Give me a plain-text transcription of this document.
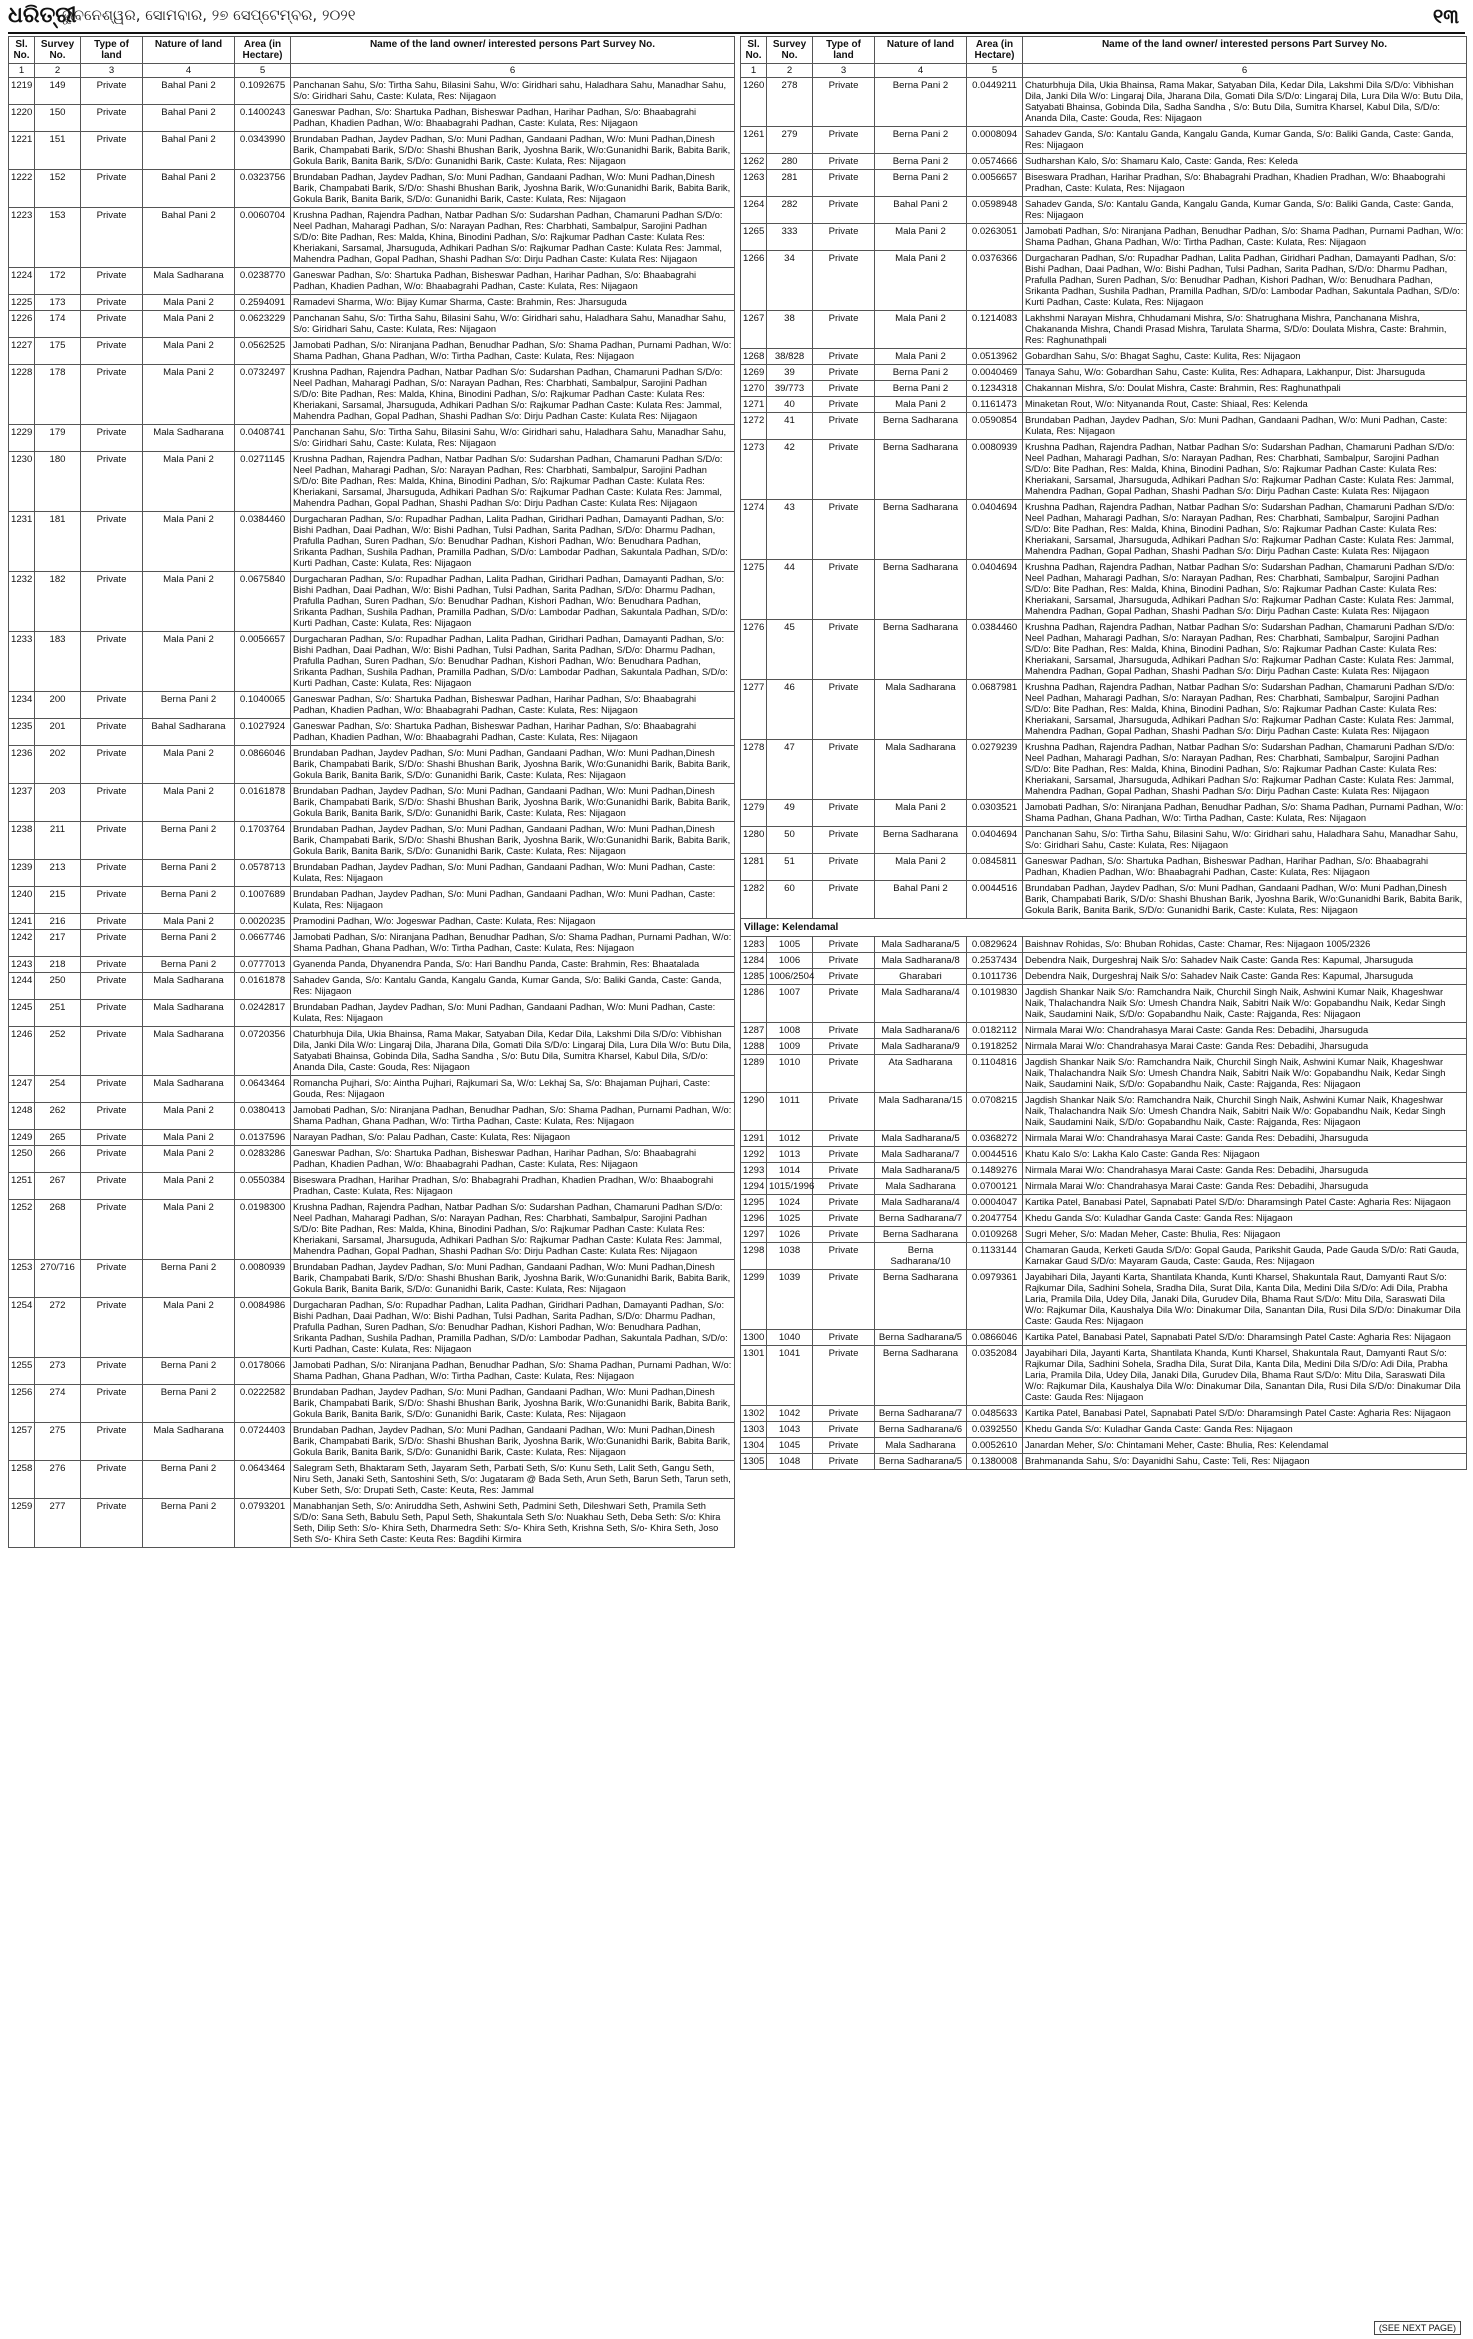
ଧରିତ୍ରୀ
ଭୁବନେଶ୍ୱର, ସୋମବାର, ୨୭ ସେପ୍ଟେମ୍ବର, ୨୦୨୧	୧୩
Sl. No.	Survey No.	Type of land	Nature of land	Area (in Hectare)	Name of the land owner/ interested persons Part Survey No.
1	2	3	4	5	6
1219	149	Private	Bahal Pani 2	0.1092675	Panchanan Sahu, S/o: Tirtha Sahu, Bilasini Sahu, W/o: Giridhari sahu, Haladhara Sahu, Manadhar Sahu, S/o: Giridhari Sahu, Caste: Kulata, Res: Nijagaon
1220	150	Private	Bahal Pani 2	0.1400243	Ganeswar Padhan, S/o: Shartuka Padhan, Bisheswar Padhan, Harihar Padhan, S/o: Bhaabagrahi Padhan, Khadien Padhan, W/o: Bhaabagrahi Padhan, Caste: Kulata, Res: Nijagaon
1221	151	Private	Bahal Pani 2	0.0343990	Brundaban Padhan, Jaydev Padhan, S/o: Muni Padhan, Gandaani Padhan, W/o: Muni Padhan,Dinesh Barik, Champabati Barik, S/D/o: Shashi Bhushan Barik, Jyoshna Barik, W/o:Gunanidhi Barik, Babita Barik, Gokula Barik, Banita Barik, S/D/o: Gunanidhi Barik, Caste: Kulata, Res: Nijagaon
1222	152	Private	Bahal Pani 2	0.0323756	Brundaban Padhan, Jaydev Padhan, S/o: Muni Padhan, Gandaani Padhan, W/o: Muni Padhan,Dinesh Barik, Champabati Barik, S/D/o: Shashi Bhushan Barik, Jyoshna Barik, W/o:Gunanidhi Barik, Babita Barik, Gokula Barik, Banita Barik, S/D/o: Gunanidhi Barik, Caste: Kulata, Res: Nijagaon
1223	153	Private	Bahal Pani 2	0.0060704	Krushna Padhan, Rajendra Padhan, Natbar Padhan S/o: Sudarshan Padhan, Chamaruni Padhan S/D/o: Neel Padhan, Maharagi Padhan, S/o: Narayan Padhan, Res: Charbhati, Sambalpur, Sarojini Padhan S/D/o: Bite Padhan, Res: Malda, Khina, Binodini Padhan, S/o: Rajkumar Padhan Caste: Kulata Res: Kheriakani, Sarsamal, Jharsuguda, Adhikari Padhan S/o: Rajkumar Padhan Caste: Kulata Res: Jammal, Mahendra Padhan, Gopal Padhan, Shashi Padhan S/o: Dirju Padhan Caste: Kulata Res: Nijagaon
1224	172	Private	Mala Sadharana	0.0238770	Ganeswar Padhan, S/o: Shartuka Padhan, Bisheswar Padhan, Harihar Padhan, S/o: Bhaabagrahi Padhan, Khadien Padhan, W/o: Bhaabagrahi Padhan, Caste: Kulata, Res: Nijagaon
1225	173	Private	Mala Pani 2	0.2594091	Ramadevi Sharma, W/o: Bijay Kumar Sharma, Caste: Brahmin, Res: Jharsuguda
1226	174	Private	Mala Pani 2	0.0623229	Panchanan Sahu, S/o: Tirtha Sahu, Bilasini Sahu, W/o: Giridhari sahu, Haladhara Sahu, Manadhar Sahu, S/o: Giridhari Sahu, Caste: Kulata, Res: Nijagaon
1227	175	Private	Mala Pani 2	0.0562525	Jamobati Padhan, S/o: Niranjana Padhan, Benudhar Padhan, S/o: Shama Padhan, Purnami Padhan, W/o: Shama Padhan, Ghana Padhan, W/o: Tirtha Padhan, Caste: Kulata, Res: Nijagaon
1228	178	Private	Mala Pani 2	0.0732497	Krushna Padhan, Rajendra Padhan, Natbar Padhan S/o: Sudarshan Padhan, Chamaruni Padhan S/D/o: Neel Padhan, Maharagi Padhan, S/o: Narayan Padhan, Res: Charbhati, Sambalpur, Sarojini Padhan S/D/o: Bite Padhan, Res: Malda, Khina, Binodini Padhan, S/o: Rajkumar Padhan Caste: Kulata Res: Kheriakani, Sarsamal, Jharsuguda, Adhikari Padhan S/o: Rajkumar Padhan Caste: Kulata Res: Jammal, Mahendra Padhan, Gopal Padhan, Shashi Padhan S/o: Dirju Padhan Caste: Kulata Res: Nijagaon
1229	179	Private	Mala Sadharana	0.0408741	Panchanan Sahu, S/o: Tirtha Sahu, Bilasini Sahu, W/o: Giridhari sahu, Haladhara Sahu, Manadhar Sahu, S/o: Giridhari Sahu, Caste: Kulata, Res: Nijagaon
1230	180	Private	Mala Pani 2	0.0271145	Krushna Padhan, Rajendra Padhan, Natbar Padhan S/o: Sudarshan Padhan, Chamaruni Padhan S/D/o: Neel Padhan, Maharagi Padhan, S/o: Narayan Padhan, Res: Charbhati, Sambalpur, Sarojini Padhan S/D/o: Bite Padhan, Res: Malda, Khina, Binodini Padhan, S/o: Rajkumar Padhan Caste: Kulata Res: Kheriakani, Sarsamal, Jharsuguda, Adhikari Padhan S/o: Rajkumar Padhan Caste: Kulata Res: Jammal, Mahendra Padhan, Gopal Padhan, Shashi Padhan S/o: Dirju Padhan Caste: Kulata Res: Nijagaon
1231	181	Private	Mala Pani 2	0.0384460	Durgacharan Padhan, S/o: Rupadhar Padhan, Lalita Padhan, Giridhari Padhan, Damayanti Padhan, S/o: Bishi Padhan, Daai Padhan, W/o: Bishi Padhan, Tulsi Padhan, Sarita Padhan, S/D/o: Dharmu Padhan, Prafulla Padhan, Suren Padhan, S/o: Benudhar Padhan, Kishori Padhan, W/o: Benudhara Padhan, Srikanta Padhan, Sushila Padhan, Pramilla Padhan, S/D/o: Lambodar Padhan, Sakuntala Padhan, S/D/o: Kurti Padhan, Caste: Kulata, Res: Nijagaon
1232	182	Private	Mala Pani 2	0.0675840	Durgacharan Padhan, S/o: Rupadhar Padhan, Lalita Padhan, Giridhari Padhan, Damayanti Padhan, S/o: Bishi Padhan, Daai Padhan, W/o: Bishi Padhan, Tulsi Padhan, Sarita Padhan, S/D/o: Dharmu Padhan, Prafulla Padhan, Suren Padhan, S/o: Benudhar Padhan, Kishori Padhan, W/o: Benudhara Padhan, Srikanta Padhan, Sushila Padhan, Pramilla Padhan, S/D/o: Lambodar Padhan, Sakuntala Padhan, S/D/o: Kurti Padhan, Caste: Kulata, Res: Nijagaon
1233	183	Private	Mala Pani 2	0.0056657	Durgacharan Padhan, S/o: Rupadhar Padhan, Lalita Padhan, Giridhari Padhan, Damayanti Padhan, S/o: Bishi Padhan, Daai Padhan, W/o: Bishi Padhan, Tulsi Padhan, Sarita Padhan, S/D/o: Dharmu Padhan, Prafulla Padhan, Suren Padhan, S/o: Benudhar Padhan, Kishori Padhan, W/o: Benudhara Padhan, Srikanta Padhan, Sushila Padhan, Pramilla Padhan, S/D/o: Lambodar Padhan, Sakuntala Padhan, S/D/o: Kurti Padhan, Caste: Kulata, Res: Nijagaon
1234	200	Private	Berna Pani 2	0.1040065	Ganeswar Padhan, S/o: Shartuka Padhan, Bisheswar Padhan, Harihar Padhan, S/o: Bhaabagrahi Padhan, Khadien Padhan, W/o: Bhaabagrahi Padhan, Caste: Kulata, Res: Nijagaon
1235	201	Private	Bahal Sadharana	0.1027924	Ganeswar Padhan, S/o: Shartuka Padhan, Bisheswar Padhan, Harihar Padhan, S/o: Bhaabagrahi Padhan, Khadien Padhan, W/o: Bhaabagrahi Padhan, Caste: Kulata, Res: Nijagaon
1236	202	Private	Mala Pani 2	0.0866046	Brundaban Padhan, Jaydev Padhan, S/o: Muni Padhan, Gandaani Padhan, W/o: Muni Padhan,Dinesh Barik, Champabati Barik, S/D/o: Shashi Bhushan Barik, Jyoshna Barik, W/o:Gunanidhi Barik, Babita Barik, Gokula Barik, Banita Barik, S/D/o: Gunanidhi Barik, Caste: Kulata, Res: Nijagaon
1237	203	Private	Mala Pani 2	0.0161878	Brundaban Padhan, Jaydev Padhan, S/o: Muni Padhan, Gandaani Padhan, W/o: Muni Padhan,Dinesh Barik, Champabati Barik, S/D/o: Shashi Bhushan Barik, Jyoshna Barik, W/o:Gunanidhi Barik, Babita Barik, Gokula Barik, Banita Barik, S/D/o: Gunanidhi Barik, Caste: Kulata, Res: Nijagaon
1238	211	Private	Berna Pani 2	0.1703764	Brundaban Padhan, Jaydev Padhan, S/o: Muni Padhan, Gandaani Padhan, W/o: Muni Padhan,Dinesh Barik, Champabati Barik, S/D/o: Shashi Bhushan Barik, Jyoshna Barik, W/o:Gunanidhi Barik, Babita Barik, Gokula Barik, Banita Barik, S/D/o: Gunanidhi Barik, Caste: Kulata, Res: Nijagaon
1239	213	Private	Berna Pani 2	0.0578713	Brundaban Padhan, Jaydev Padhan, S/o: Muni Padhan, Gandaani Padhan, W/o: Muni Padhan, Caste: Kulata, Res: Nijagaon
1240	215	Private	Berna Pani 2	0.1007689	Brundaban Padhan, Jaydev Padhan, S/o: Muni Padhan, Gandaani Padhan, W/o: Muni Padhan, Caste: Kulata, Res: Nijagaon
1241	216	Private	Mala Pani 2	0.0020235	Pramodini Padhan, W/o: Jogeswar Padhan, Caste: Kulata, Res: Nijagaon
1242	217	Private	Berna Pani 2	0.0667746	Jamobati Padhan, S/o: Niranjana Padhan, Benudhar Padhan, S/o: Shama Padhan, Purnami Padhan, W/o: Shama Padhan, Ghana Padhan, W/o: Tirtha Padhan, Caste: Kulata, Res: Nijagaon
1243	218	Private	Berna Pani 2	0.0777013	Gyanenda Panda, Dhyanendra Panda, S/o: Hari Bandhu Panda, Caste: Brahmin, Res: Bhaatalada
1244	250	Private	Mala Sadharana	0.0161878	Sahadev Ganda, S/o: Kantalu Ganda, Kangalu Ganda, Kumar Ganda, S/o: Baliki Ganda, Caste: Ganda, Res: Nijagaon
1245	251	Private	Mala Sadharana	0.0242817	Brundaban Padhan, Jaydev Padhan, S/o: Muni Padhan, Gandaani Padhan, W/o: Muni Padhan, Caste: Kulata, Res: Nijagaon
1246	252	Private	Mala Sadharana	0.0720356	Chaturbhuja Dila, Ukia Bhainsa, Rama Makar, Satyaban Dila, Kedar Dila, Lakshmi Dila S/D/o: Vibhishan Dila, Janki Dila W/o: Lingaraj Dila, Jharana Dila, Gomati Dila S/D/o: Lingaraj Dila, Lura Dila W/o: Butu Dila, Satyabati Bhainsa, Gobinda Dila, Sadha Sandha , S/o: Butu Dila, Sumitra Kharsel, Kabul Dila, S/D/o: Ananda Dila, Caste: Gouda, Res: Nijagaon
1247	254	Private	Mala Sadharana	0.0643464	Romancha Pujhari, S/o: Aintha Pujhari, Rajkumari Sa, W/o: Lekhaj Sa, S/o: Bhajaman Pujhari, Caste: Gouda, Res: Nijagaon
1248	262	Private	Mala Pani 2	0.0380413	Jamobati Padhan, S/o: Niranjana Padhan, Benudhar Padhan, S/o: Shama Padhan, Purnami Padhan, W/o: Shama Padhan, Ghana Padhan, W/o: Tirtha Padhan, Caste: Kulata, Res: Nijagaon
1249	265	Private	Mala Pani 2	0.0137596	Narayan Padhan, S/o: Palau Padhan, Caste: Kulata, Res: Nijagaon
1250	266	Private	Mala Pani 2	0.0283286	Ganeswar Padhan, S/o: Shartuka Padhan, Bisheswar Padhan, Harihar Padhan, S/o: Bhaabagrahi Padhan, Khadien Padhan, W/o: Bhaabagrahi Padhan, Caste: Kulata, Res: Nijagaon
1251	267	Private	Mala Pani 2	0.0550384	Biseswara Pradhan, Harihar Pradhan, S/o: Bhabagrahi Pradhan, Khadien Pradhan, W/o: Bhaabograhi Pradhan, Caste: Kulata, Res: Nijagaon
1252	268	Private	Mala Pani 2	0.0198300	Krushna Padhan, Rajendra Padhan, Natbar Padhan S/o: Sudarshan Padhan, Chamaruni Padhan S/D/o: Neel Padhan, Maharagi Padhan, S/o: Narayan Padhan, Res: Charbhati, Sambalpur, Sarojini Padhan S/D/o: Bite Padhan, Res: Malda, Khina, Binodini Padhan, S/o: Rajkumar Padhan Caste: Kulata Res: Kheriakani, Sarsamal, Jharsuguda, Adhikari Padhan S/o: Rajkumar Padhan Caste: Kulata Res: Jammal, Mahendra Padhan, Gopal Padhan, Shashi Padhan S/o: Dirju Padhan Caste: Kulata Res: Nijagaon
1253	270/716	Private	Berna Pani 2	0.0080939	Brundaban Padhan, Jaydev Padhan, S/o: Muni Padhan, Gandaani Padhan, W/o: Muni Padhan,Dinesh Barik, Champabati Barik, S/D/o: Shashi Bhushan Barik, Jyoshna Barik, W/o:Gunanidhi Barik, Babita Barik, Gokula Barik, Banita Barik, S/D/o: Gunanidhi Barik, Caste: Kulata, Res: Nijagaon
1254	272	Private	Mala Pani 2	0.0084986	Durgacharan Padhan, S/o: Rupadhar Padhan, Lalita Padhan, Giridhari Padhan, Damayanti Padhan, S/o: Bishi Padhan, Daai Padhan, W/o: Bishi Padhan, Tulsi Padhan, Sarita Padhan, S/D/o: Dharmu Padhan, Prafulla Padhan, Suren Padhan, S/o: Benudhar Padhan, Kishori Padhan, W/o: Benudhara Padhan, Srikanta Padhan, Sushila Padhan, Pramilla Padhan, S/D/o: Lambodar Padhan, Sakuntala Padhan, S/D/o: Kurti Padhan, Caste: Kulata, Res: Nijagaon
1255	273	Private	Berna Pani 2	0.0178066	Jamobati Padhan, S/o: Niranjana Padhan, Benudhar Padhan, S/o: Shama Padhan, Purnami Padhan, W/o: Shama Padhan, Ghana Padhan, W/o: Tirtha Padhan, Caste: Kulata, Res: Nijagaon
1256	274	Private	Berna Pani 2	0.0222582	Brundaban Padhan, Jaydev Padhan, S/o: Muni Padhan, Gandaani Padhan, W/o: Muni Padhan,Dinesh Barik, Champabati Barik, S/D/o: Shashi Bhushan Barik, Jyoshna Barik, W/o:Gunanidhi Barik, Babita Barik, Gokula Barik, Banita Barik, S/D/o: Gunanidhi Barik, Caste: Kulata, Res: Nijagaon
1257	275	Private	Mala Sadharana	0.0724403	Brundaban Padhan, Jaydev Padhan, S/o: Muni Padhan, Gandaani Padhan, W/o: Muni Padhan,Dinesh Barik, Champabati Barik, S/D/o: Shashi Bhushan Barik, Jyoshna Barik, W/o:Gunanidhi Barik, Babita Barik, Gokula Barik, Banita Barik, S/D/o: Gunanidhi Barik, Caste: Kulata, Res: Nijagaon
1258	276	Private	Berna Pani 2	0.0643464	Salegram Seth, Bhaktaram Seth, Jayaram Seth, Parbati Seth, S/o: Kunu Seth, Lalit Seth, Gangu Seth, Niru Seth, Janaki Seth, Santoshini Seth, S/o: Jugataram @ Bada Seth, Arun Seth, Barun Seth, Tarun seth, Kuber Seth, S/o: Drupati Seth, Caste: Keuta, Res: Jammal
1259	277	Private	Berna Pani 2	0.0793201	Manabhanjan Seth, S/o: Aniruddha Seth, Ashwini Seth, Padmini Seth, Dileshwari Seth, Pramila Seth S/D/o: Sana Seth, Babulu Seth, Papul Seth, Shakuntala Seth S/o: Nuakhau Seth, Deba Seth: S/o: Khira Seth, Dilip Seth: S/o- Khira Seth, Dharmedra Seth: S/o- Khira Seth, Krishna Seth, S/o- Khira Seth, Joso Seth S/o- Khira Seth Caste: Keuta Res: Bagdihi Kirmira
Sl. No.	Survey No.	Type of land	Nature of land	Area (in Hectare)	Name of the land owner/ interested persons Part Survey No.
1	2	3	4	5	6
1260	278	Private	Berna Pani 2	0.0449211	Chaturbhuja Dila, Ukia Bhainsa, Rama Makar, Satyaban Dila, Kedar Dila, Lakshmi Dila S/D/o: Vibhishan Dila, Janki Dila W/o: Lingaraj Dila, Jharana Dila, Gomati Dila S/D/o: Lingaraj Dila, Lura Dila W/o: Butu Dila, Satyabati Bhainsa, Gobinda Dila, Sadha Sandha , S/o: Butu Dila, Sumitra Kharsel, Kabul Dila, S/D/o: Ananda Dila, Caste: Gouda, Res: Nijagaon
1261	279	Private	Berna Pani 2	0.0008094	Sahadev Ganda, S/o: Kantalu Ganda, Kangalu Ganda, Kumar Ganda, S/o: Baliki Ganda, Caste: Ganda, Res: Nijagaon
1262	280	Private	Berna Pani 2	0.0574666	Sudharshan Kalo, S/o: Shamaru Kalo, Caste: Ganda, Res: Keleda
1263	281	Private	Berna Pani 2	0.0056657	Biseswara Pradhan, Harihar Pradhan, S/o: Bhabagrahi Pradhan, Khadien Pradhan, W/o: Bhaabograhi Pradhan, Caste: Kulata, Res: Nijagaon
1264	282	Private	Bahal Pani 2	0.0598948	Sahadev Ganda, S/o: Kantalu Ganda, Kangalu Ganda, Kumar Ganda, S/o: Baliki Ganda, Caste: Ganda, Res: Nijagaon
1265	333	Private	Mala Pani 2	0.0263051	Jamobati Padhan, S/o: Niranjana Padhan, Benudhar Padhan, S/o: Shama Padhan, Purnami Padhan, W/o: Shama Padhan, Ghana Padhan, W/o: Tirtha Padhan, Caste: Kulata, Res: Nijagaon
1266	34	Private	Mala Pani 2	0.0376366	Durgacharan Padhan, S/o: Rupadhar Padhan, Lalita Padhan, Giridhari Padhan, Damayanti Padhan, S/o: Bishi Padhan, Daai Padhan, W/o: Bishi Padhan, Tulsi Padhan, Sarita Padhan, S/D/o: Dharmu Padhan, Prafulla Padhan, Suren Padhan, S/o: Benudhar Padhan, Kishori Padhan, W/o: Benudhara Padhan, Srikanta Padhan, Sushila Padhan, Pramilla Padhan, S/D/o: Lambodar Padhan, Sakuntala Padhan, S/D/o: Kurti Padhan, Caste: Kulata, Res: Nijagaon
1267	38	Private	Mala Pani 2	0.1214083	Lakhshmi Narayan Mishra, Chhudamani Mishra, S/o: Shatrughana Mishra, Panchanana Mishra, Chakananda Mishra, Chandi Prasad Mishra, Tarulata Sharma, S/D/o: Doulata Mishra, Caste: Brahmin, Res: Raghunathpali
1268	38/828	Private	Mala Pani 2	0.0513962	Gobardhan Sahu, S/o: Bhagat Saghu, Caste: Kulita, Res: Nijagaon
1269	39	Private	Berna Pani 2	0.0040469	Tanaya Sahu, W/o: Gobardhan Sahu, Caste: Kulita, Res: Adhapara, Lakhanpur, Dist: Jharsuguda
1270	39/773	Private	Berna Pani 2	0.1234318	Chakannan Mishra, S/o: Doulat Mishra, Caste: Brahmin, Res: Raghunathpali
1271	40	Private	Mala Pani 2	0.1161473	Minaketan Rout, W/o: Nityananda Rout, Caste: Shiaal, Res: Kelenda
1272	41	Private	Berna Sadharana	0.0590854	Brundaban Padhan, Jaydev Padhan, S/o: Muni Padhan, Gandaani Padhan, W/o: Muni Padhan, Caste: Kulata, Res: Nijagaon
1273	42	Private	Berna Sadharana	0.0080939	Krushna Padhan, Rajendra Padhan, Natbar Padhan S/o: Sudarshan Padhan, Chamaruni Padhan S/D/o: Neel Padhan, Maharagi Padhan, S/o: Narayan Padhan, Res: Charbhati, Sambalpur, Sarojini Padhan S/D/o: Bite Padhan, Res: Malda, Khina, Binodini Padhan, S/o: Rajkumar Padhan Caste: Kulata Res: Kheriakani, Sarsamal, Jharsuguda, Adhikari Padhan S/o: Rajkumar Padhan Caste: Kulata Res: Jammal, Mahendra Padhan, Gopal Padhan, Shashi Padhan S/o: Dirju Padhan Caste: Kulata Res: Nijagaon
1274	43	Private	Berna Sadharana	0.0404694	Krushna Padhan, Rajendra Padhan, Natbar Padhan S/o: Sudarshan Padhan, Chamaruni Padhan S/D/o: Neel Padhan, Maharagi Padhan, S/o: Narayan Padhan, Res: Charbhati, Sambalpur, Sarojini Padhan S/D/o: Bite Padhan, Res: Malda, Khina, Binodini Padhan, S/o: Rajkumar Padhan Caste: Kulata Res: Kheriakani, Sarsamal, Jharsuguda, Adhikari Padhan S/o: Rajkumar Padhan Caste: Kulata Res: Jammal, Mahendra Padhan, Gopal Padhan, Shashi Padhan S/o: Dirju Padhan Caste: Kulata Res: Nijagaon
1275	44	Private	Berna Sadharana	0.0404694	Krushna Padhan, Rajendra Padhan, Natbar Padhan S/o: Sudarshan Padhan, Chamaruni Padhan S/D/o: Neel Padhan, Maharagi Padhan, S/o: Narayan Padhan, Res: Charbhati, Sambalpur, Sarojini Padhan S/D/o: Bite Padhan, Res: Malda, Khina, Binodini Padhan, S/o: Rajkumar Padhan Caste: Kulata Res: Kheriakani, Sarsamal, Jharsuguda, Adhikari Padhan S/o: Rajkumar Padhan Caste: Kulata Res: Jammal, Mahendra Padhan, Gopal Padhan, Shashi Padhan S/o: Dirju Padhan Caste: Kulata Res: Nijagaon
1276	45	Private	Berna Sadharana	0.0384460	Krushna Padhan, Rajendra Padhan, Natbar Padhan S/o: Sudarshan Padhan, Chamaruni Padhan S/D/o: Neel Padhan, Maharagi Padhan, S/o: Narayan Padhan, Res: Charbhati, Sambalpur, Sarojini Padhan S/D/o: Bite Padhan, Res: Malda, Khina, Binodini Padhan, S/o: Rajkumar Padhan Caste: Kulata Res: Kheriakani, Sarsamal, Jharsuguda, Adhikari Padhan S/o: Rajkumar Padhan Caste: Kulata Res: Jammal, Mahendra Padhan, Gopal Padhan, Shashi Padhan S/o: Dirju Padhan Caste: Kulata Res: Nijagaon
1277	46	Private	Mala Sadharana	0.0687981	Krushna Padhan, Rajendra Padhan, Natbar Padhan S/o: Sudarshan Padhan, Chamaruni Padhan S/D/o: Neel Padhan, Maharagi Padhan, S/o: Narayan Padhan, Res: Charbhati, Sambalpur, Sarojini Padhan S/D/o: Bite Padhan, Res: Malda, Khina, Binodini Padhan, S/o: Rajkumar Padhan Caste: Kulata Res: Kheriakani, Sarsamal, Jharsuguda, Adhikari Padhan S/o: Rajkumar Padhan Caste: Kulata Res: Jammal, Mahendra Padhan, Gopal Padhan, Shashi Padhan S/o: Dirju Padhan Caste: Kulata Res: Nijagaon
1278	47	Private	Mala Sadharana	0.0279239	Krushna Padhan, Rajendra Padhan, Natbar Padhan S/o: Sudarshan Padhan, Chamaruni Padhan S/D/o: Neel Padhan, Maharagi Padhan, S/o: Narayan Padhan, Res: Charbhati, Sambalpur, Sarojini Padhan S/D/o: Bite Padhan, Res: Malda, Khina, Binodini Padhan, S/o: Rajkumar Padhan Caste: Kulata Res: Kheriakani, Sarsamal, Jharsuguda, Adhikari Padhan S/o: Rajkumar Padhan Caste: Kulata Res: Jammal, Mahendra Padhan, Gopal Padhan, Shashi Padhan S/o: Dirju Padhan Caste: Kulata Res: Nijagaon
1279	49	Private	Mala Pani 2	0.0303521	Jamobati Padhan, S/o: Niranjana Padhan, Benudhar Padhan, S/o: Shama Padhan, Purnami Padhan, W/o: Shama Padhan, Ghana Padhan, W/o: Tirtha Padhan, Caste: Kulata, Res: Nijagaon
1280	50	Private	Berna Sadharana	0.0404694	Panchanan Sahu, S/o: Tirtha Sahu, Bilasini Sahu, W/o: Giridhari sahu, Haladhara Sahu, Manadhar Sahu, S/o: Giridhari Sahu, Caste: Kulata, Res: Nijagaon
1281	51	Private	Mala Pani 2	0.0845811	Ganeswar Padhan, S/o: Shartuka Padhan, Bisheswar Padhan, Harihar Padhan, S/o: Bhaabagrahi Padhan, Khadien Padhan, W/o: Bhaabagrahi Padhan, Caste: Kulata, Res: Nijagaon
1282	60	Private	Bahal Pani 2	0.0044516	Brundaban Padhan, Jaydev Padhan, S/o: Muni Padhan, Gandaani Padhan, W/o: Muni Padhan,Dinesh Barik, Champabati Barik, S/D/o: Shashi Bhushan Barik, Jyoshna Barik, W/o:Gunanidhi Barik, Babita Barik, Gokula Barik, Banita Barik, S/D/o: Gunanidhi Barik, Caste: Kulata, Res: Nijagaon
Village: Kelendamal					
1283	1005	Private	Mala Sadharana/5	0.0829624	Baishnav Rohidas, S/o: Bhuban Rohidas, Caste: Chamar, Res: Nijagaon 1005/2326
1284	1006	Private	Mala Sadharana/8	0.2537434	Debendra Naik, Durgeshraj Naik S/o: Sahadev Naik Caste: Ganda Res: Kapumal, Jharsuguda
1285	1006/2504	Private	Gharabari	0.1011736	Debendra Naik, Durgeshraj Naik S/o: Sahadev Naik Caste: Ganda Res: Kapumal, Jharsuguda
1286	1007	Private	Mala Sadharana/4	0.1019830	Jagdish Shankar Naik S/o: Ramchandra Naik, Churchil Singh Naik, Ashwini Kumar Naik, Khageshwar Naik, Thalachandra Naik S/o: Umesh Chandra Naik, Sabitri Naik W/o: Gopabandhu Naik, Kedar Singh Naik, Saudamini Naik, S/D/o: Gopabandhu Naik, Caste: Rajganda, Res: Nijagaon
1287	1008	Private	Mala Sadharana/6	0.0182112	Nirmala Marai W/o: Chandrahasya Marai Caste: Ganda Res: Debadihi, Jharsuguda
1288	1009	Private	Mala Sadharana/9	0.1918252	Nirmala Marai W/o: Chandrahasya Marai Caste: Ganda Res: Debadihi, Jharsuguda
1289	1010	Private	Ata Sadharana	0.1104816	Jagdish Shankar Naik S/o: Ramchandra Naik, Churchil Singh Naik, Ashwini Kumar Naik, Khageshwar Naik, Thalachandra Naik S/o: Umesh Chandra Naik, Sabitri Naik W/o: Gopabandhu Naik, Kedar Singh Naik, Saudamini Naik, S/D/o: Gopabandhu Naik, Caste: Rajganda, Res: Nijagaon
1290	1011	Private	Mala Sadharana/15	0.0708215	Jagdish Shankar Naik S/o: Ramchandra Naik, Churchil Singh Naik, Ashwini Kumar Naik, Khageshwar Naik, Thalachandra Naik S/o: Umesh Chandra Naik, Sabitri Naik W/o: Gopabandhu Naik, Kedar Singh Naik, Saudamini Naik, S/D/o: Gopabandhu Naik, Caste: Rajganda, Res: Nijagaon
1291	1012	Private	Mala Sadharana/5	0.0368272	Nirmala Marai W/o: Chandrahasya Marai Caste: Ganda Res: Debadihi, Jharsuguda
1292	1013	Private	Mala Sadharana/7	0.0044516	Khatu Kalo S/o: Lakha Kalo Caste: Ganda Res: Nijagaon
1293	1014	Private	Mala Sadharana/5	0.1489276	Nirmala Marai W/o: Chandrahasya Marai Caste: Ganda Res: Debadihi, Jharsuguda
1294	1015/1996	Private	Mala Sadharana	0.0700121	Nirmala Marai W/o: Chandrahasya Marai Caste: Ganda Res: Debadihi, Jharsuguda
1295	1024	Private	Mala Sadharana/4	0.0004047	Kartika Patel, Banabasi Patel, Sapnabati Patel S/D/o: Dharamsingh Patel Caste: Agharia Res: Nijagaon
1296	1025	Private	Berna Sadharana/7	0.2047754	Khedu Ganda S/o: Kuladhar Ganda Caste: Ganda Res: Nijagaon
1297	1026	Private	Berna Sadharana	0.0109268	Sugri Meher, S/o: Madan Meher, Caste: Bhulia, Res: Nijagaon
1298	1038	Private	Berna Sadharana/10	0.1133144	Chamaran Gauda, Kerketi Gauda S/D/o: Gopal Gauda, Parikshit Gauda, Pade Gauda S/D/o: Rati Gauda, Karnakar Gaud S/D/o: Mayaram Gauda, Caste: Gauda, Res: Nijagaon
1299	1039	Private	Berna Sadharana	0.0979361	Jayabihari Dila, Jayanti Karta, Shantilata Khanda, Kunti Kharsel, Shakuntala Raut, Damyanti Raut S/o: Rajkumar Dila, Sadhini Sohela, Sradha Dila, Surat Dila, Kanta Dila, Medini Dila S/D/o: Adi Dila, Prabha Laria, Pramila Dila, Udey Dila, Janaki Dila, Gurudev Dila, Bhama Raut S/D/o: Mitu Dila, Saraswati Dila W/o: Rajkumar Dila, Kaushalya Dila W/o: Dinakumar Dila, Sanantan Dila, Rusi Dila S/D/o: Dinakumar Dila Caste: Gauda Res: Nijagaon
1300	1040	Private	Berna Sadharana/5	0.0866046	Kartika Patel, Banabasi Patel, Sapnabati Patel S/D/o: Dharamsingh Patel Caste: Agharia Res: Nijagaon
1301	1041	Private	Berna Sadharana	0.0352084	Jayabihari Dila, Jayanti Karta, Shantilata Khanda, Kunti Kharsel, Shakuntala Raut, Damyanti Raut S/o: Rajkumar Dila, Sadhini Sohela, Sradha Dila, Surat Dila, Kanta Dila, Medini Dila S/D/o: Adi Dila, Prabha Laria, Pramila Dila, Udey Dila, Janaki Dila, Gurudev Dila, Bhama Raut S/D/o: Mitu Dila, Saraswati Dila W/o: Rajkumar Dila, Kaushalya Dila W/o: Dinakumar Dila, Sanantan Dila, Rusi Dila S/D/o: Dinakumar Dila Caste: Gauda Res: Nijagaon
1302	1042	Private	Berna Sadharana/7	0.0485633	Kartika Patel, Banabasi Patel, Sapnabati Patel S/D/o: Dharamsingh Patel Caste: Agharia Res: Nijagaon
1303	1043	Private	Berna Sadharana/6	0.0392550	Khedu Ganda S/o: Kuladhar Ganda Caste: Ganda Res: Nijagaon
1304	1045	Private	Mala Sadharana	0.0052610	Janardan Meher, S/o: Chintamani Meher, Caste: Bhulia, Res: Kelendamal
1305	1048	Private	Berna Sadharana/5	0.1380008	Brahmananda Sahu, S/o: Dayanidhi Sahu, Caste: Teli, Res: Nijagaon
(SEE NEXT PAGE)
